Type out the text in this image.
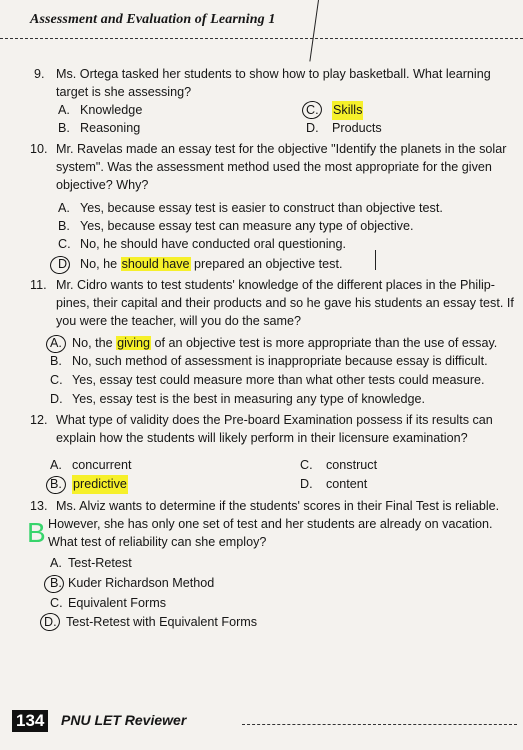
Assessment and Evaluation of Learning 1
9. Ms. Ortega tasked her students to show how to play basketball. What learning
target is she assessing?
A. Knowledge	C. Skills
B. Reasoning	D. Products
10. Mr. Ravelas made an essay test for the objective "Identify the planets in the solar
system". Was the assessment method used the most appropriate for the given
objective? Why?
A. Yes, because essay test is easier to construct than objective test.
B. Yes, because essay test can measure any type of objective.
C. No, he should have conducted oral questioning.
D. No, he should have prepared an objective test.
11. Mr. Cidro wants to test students' knowledge of the different places in the Philip-
pines, their capital and their products and so he gave his students an essay test. If
you were the teacher, will you do the same?
A. No, the giving of an objective test is more appropriate than the use of essay.
B. No, such method of assessment is inappropriate because essay is difficult.
C. Yes, essay test could measure more than what other tests could measure.
D. Yes, essay test is the best in measuring any type of knowledge.
12. What type of validity does the Pre-board Examination possess if its results can
explain how the students will likely perform in their licensure examination?
A. concurrent	C. construct
B. predictive	D. content
13. Ms. Alviz wants to determine if the students' scores in their Final Test is reliable.
However, she has only one set of test and her students are already on vacation.
What test of reliability can she employ?
A. Test-Retest
B. Kuder Richardson Method
C. Equivalent Forms
D. Test-Retest with Equivalent Forms
B
134 PNU LET Reviewer
